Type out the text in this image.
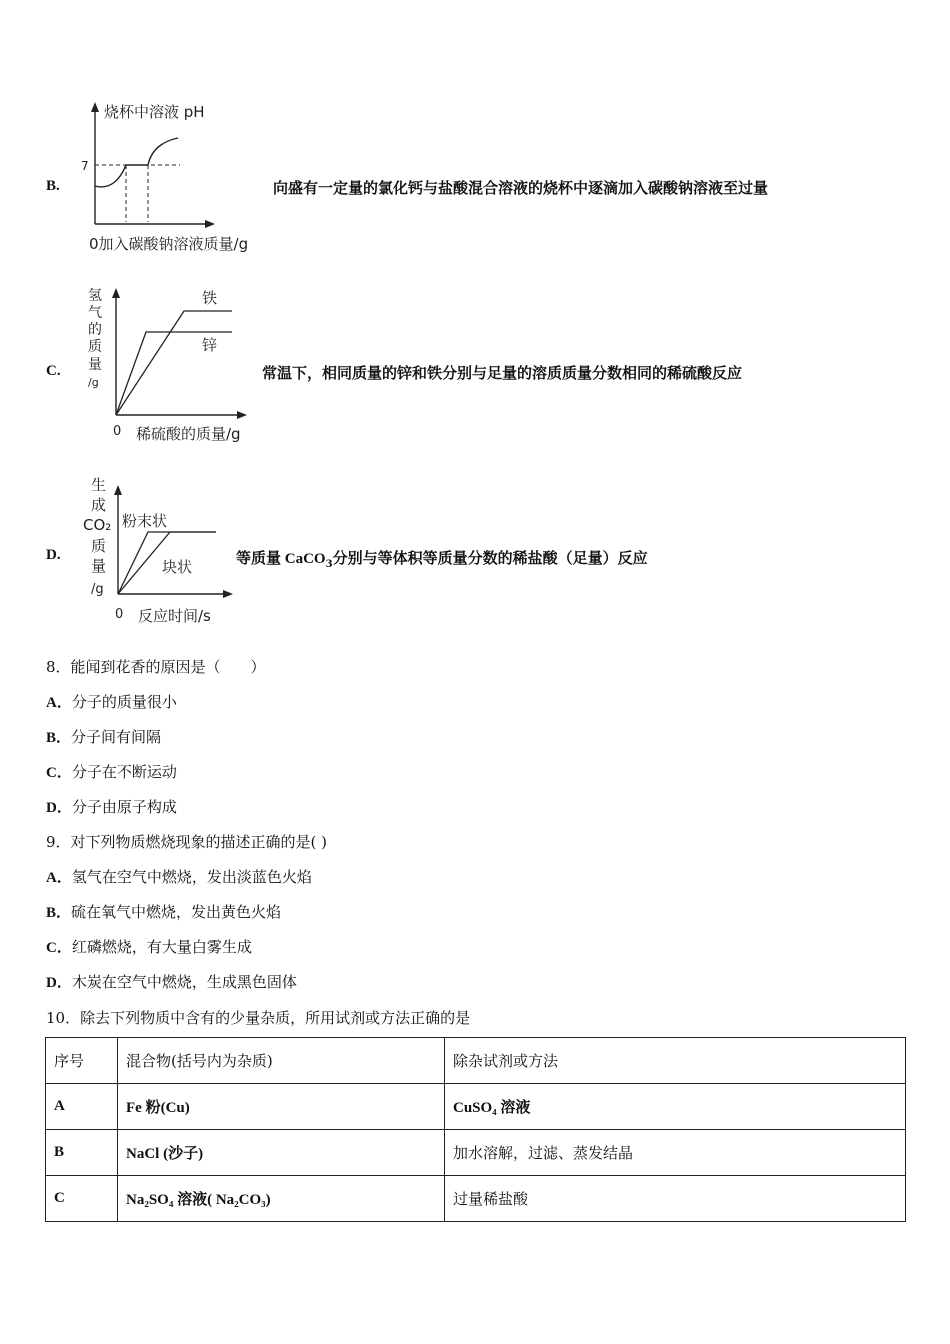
B.
烧杯中溶液 pH
7
0加入碳酸钠溶液质量/g
向盛有一定量的氯化钙与盐酸混合溶液的烧杯中逐滴加入碳酸钠溶液至过量
C.
氢
气
的
质
量
/g
铁
锌
0 稀硫酸的质量/g
常温下，相同质量的锌和铁分别与足量的溶质质量分数相同的稀硫酸反应
D.
生
成
CO₂
质
量
/g
粉末状
块状
0 反应时间/s
等质量 CaCO$_3$分别与等体积等质量分数的稀盐酸（足量）反应
8．能闻到花香的原因是（　　）
A．分子的质量很小
B．分子间有间隔
C．分子在不断运动
D．分子由原子构成
9．对下列物质燃烧现象的描述正确的是( )
A．氢气在空气中燃烧，发出淡蓝色火焰
B．硫在氧气中燃烧，发出黄色火焰
C．红磷燃烧，有大量白雾生成
D．木炭在空气中燃烧，生成黑色固体
10．除去下列物质中含有的少量杂质，所用试剂或方法正确的是
序号	混合物(括号内为杂质)	除杂试剂或方法
A	Fe 粉(Cu)	CuSO₄ 溶液
B	NaCl (沙子)	加水溶解，过滤、蒸发结晶
C	Na₂SO₄ 溶液( Na₂CO₃)	过量稀盐酸
